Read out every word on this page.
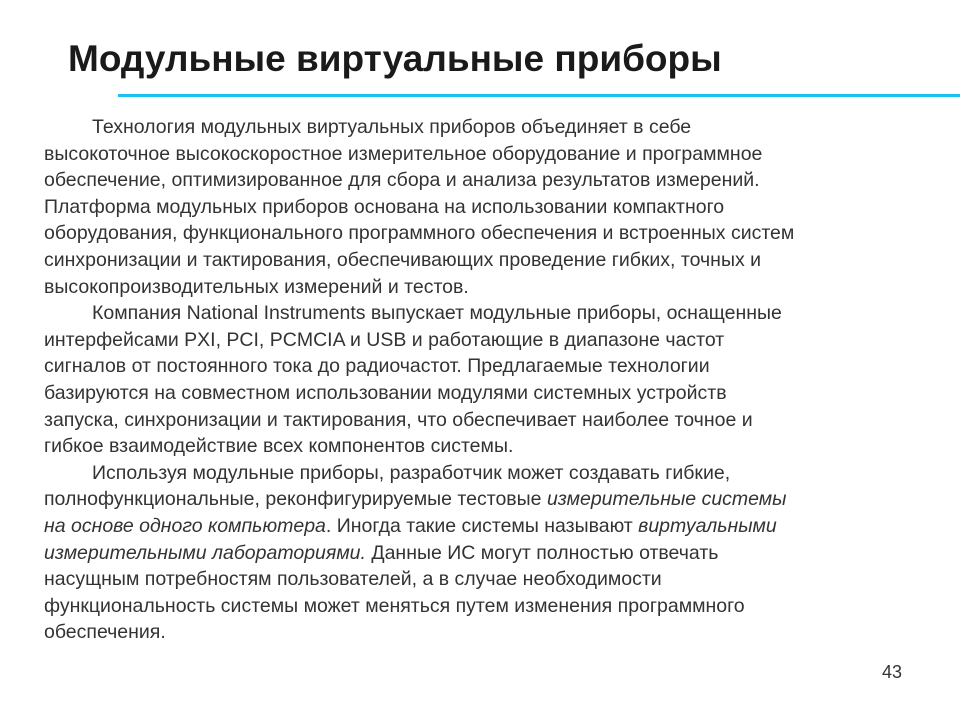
Модульные виртуальные приборы

Технология модульных виртуальных приборов объединяет в себе
высокоточное высокоскоростное измерительное оборудование и программное
обеспечение, оптимизированное для сбора и анализа результатов измерений.
Платформа модульных приборов основана на использовании компактного
оборудования, функционального программного обеспечения и встроенных систем
синхронизации и тактирования, обеспечивающих проведение гибких, точных и
высокопроизводительных измерений и тестов.

Компания National Instruments выпускает модульные приборы, оснащенные
интерфейсами PXI, PCI, PCMCIA и USB и работающие в диапазоне частот
сигналов от постоянного тока до радиочастот. Предлагаемые технологии
базируются на совместном использовании модулями системных устройств
запуска, синхронизации и тактирования, что обеспечивает наиболее точное и
гибкое взаимодействие всех компонентов системы.

Используя модульные приборы, разработчик может создавать гибкие,
полнофункциональные, реконфигурируемые тестовые измерительные системы
на основе одного компьютера. Иногда такие системы называют виртуальными
измерительными лабораториями. Данные ИС могут полностью отвечать
насущным потребностям пользователей, а в случае необходимости
функциональность системы может меняться путем изменения программного
обеспечения.

43
